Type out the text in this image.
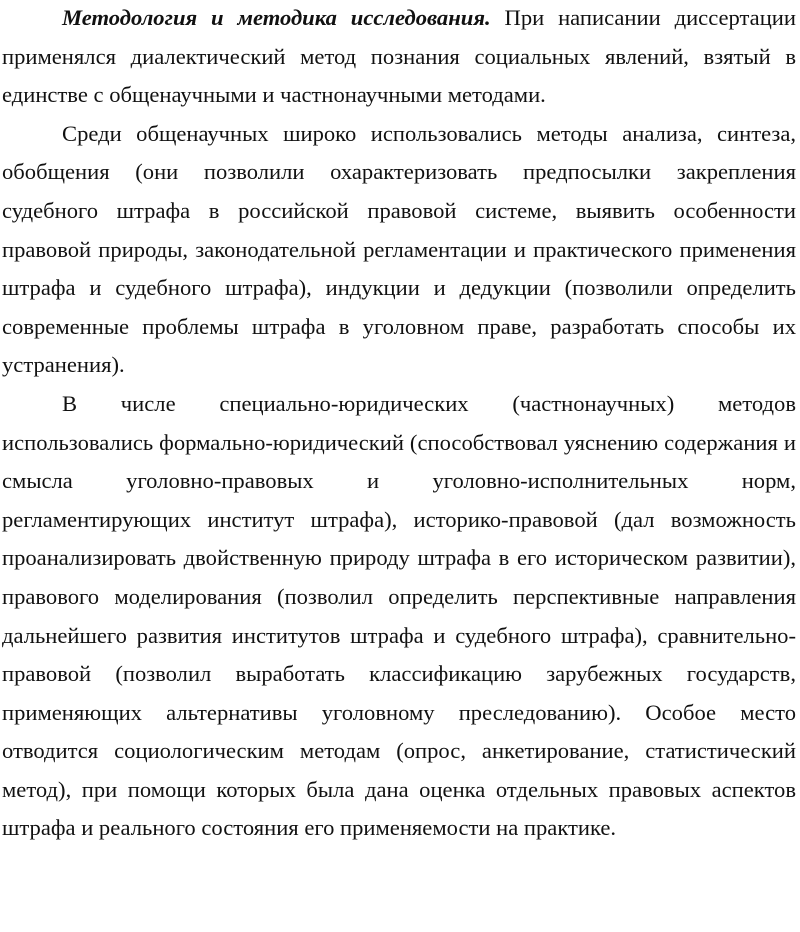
Методология и методика исследования. При написании диссертации применялся диалектический метод познания социальных явлений, взятый в единстве с общенаучными и частнонаучными методами.

Среди общенаучных широко использовались методы анализа, синтеза, обобщения (они позволили охарактеризовать предпосылки закрепления судебного штрафа в российской правовой системе, выявить особенности правовой природы, законодательной регламентации и практического применения штрафа и судебного штрафа), индукции и дедукции (позволили определить современные проблемы штрафа в уголовном праве, разработать способы их устранения).

В числе специально-юридических (частнонаучных) методов использовались формально-юридический (способствовал уяснению содержания и смысла уголовно-правовых и уголовно-исполнительных норм, регламентирующих институт штрафа), историко-правовой (дал возможность проанализировать двойственную природу штрафа в его историческом развитии), правового моделирования (позволил определить перспективные направления дальнейшего развития институтов штрафа и судебного штрафа), сравнительно-правовой (позволил выработать классификацию зарубежных государств, применяющих альтернативы уголовному преследованию). Особое место отводится социологическим методам (опрос, анкетирование, статистический метод), при помощи которых была дана оценка отдельных правовых аспектов штрафа и реального состояния его применяемости на практике.
